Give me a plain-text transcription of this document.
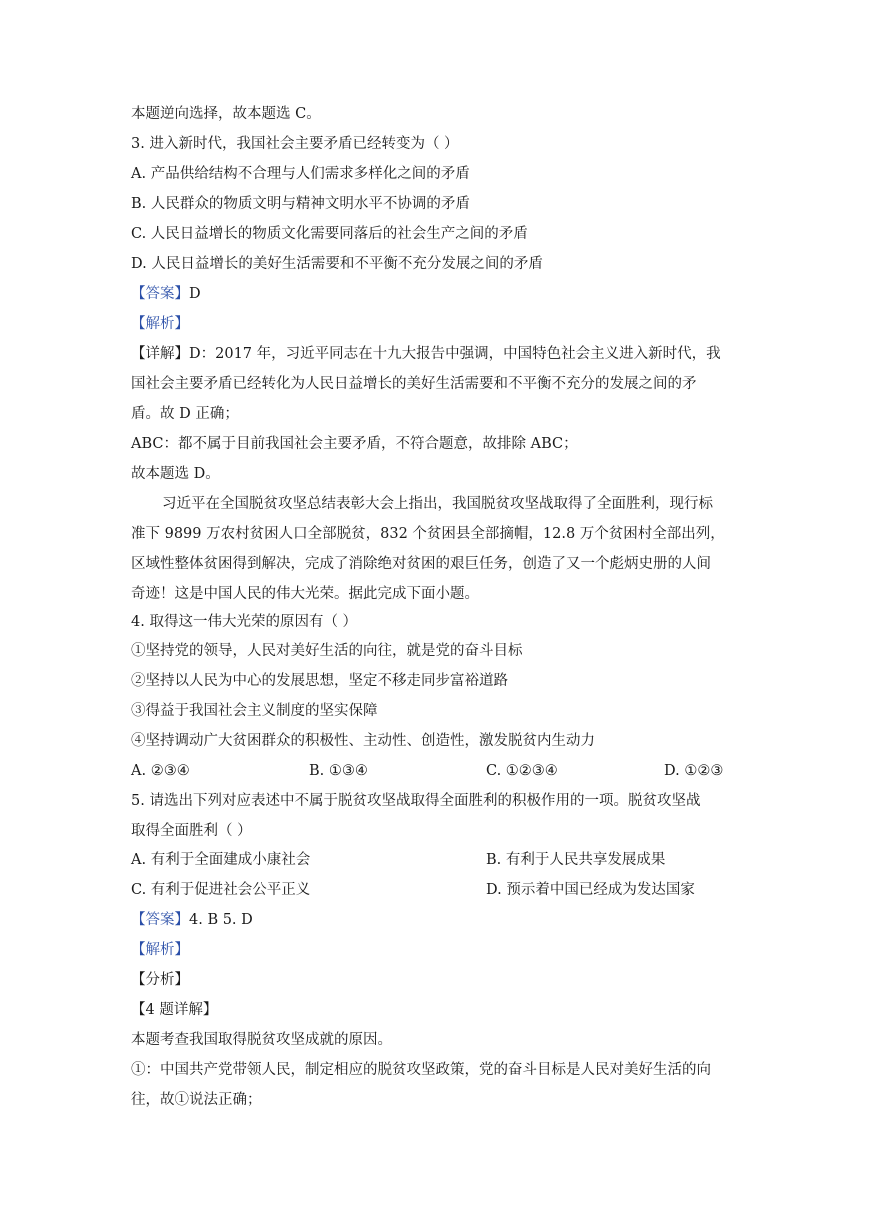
本题逆向选择，故本题选 C。
3. 进入新时代，我国社会主要矛盾已经转变为（ ）
A. 产品供给结构不合理与人们需求多样化之间的矛盾
B. 人民群众的物质文明与精神文明水平不协调的矛盾
C. 人民日益增长的物质文化需要同落后的社会生产之间的矛盾
D. 人民日益增长的美好生活需要和不平衡不充分发展之间的矛盾
【答案】D
【解析】
【详解】D：2017 年，习近平同志在十九大报告中强调，中国特色社会主义进入新时代，我
国社会主要矛盾已经转化为人民日益增长的美好生活需要和不平衡不充分的发展之间的矛
盾。故 D 正确；
ABC：都不属于目前我国社会主要矛盾，不符合题意，故排除 ABC；
故本题选 D。
习近平在全国脱贫攻坚总结表彰大会上指出，我国脱贫攻坚战取得了全面胜利，现行标
准下 9899 万农村贫困人口全部脱贫，832 个贫困县全部摘帽，12.8 万个贫困村全部出列，
区域性整体贫困得到解决，完成了消除绝对贫困的艰巨任务，创造了又一个彪炳史册的人间
奇迹！这是中国人民的伟大光荣。据此完成下面小题。
4. 取得这一伟大光荣的原因有（ ）
①坚持党的领导，人民对美好生活的向往，就是党的奋斗目标
②坚持以人民为中心的发展思想，坚定不移走同步富裕道路
③得益于我国社会主义制度的坚实保障
④坚持调动广大贫困群众的积极性、主动性、创造性，激发脱贫内生动力
A. ②③④	B. ①③④	C. ①②③④	D. ①②③
5. 请选出下列对应表述中不属于脱贫攻坚战取得全面胜利的积极作用的一项。脱贫攻坚战
取得全面胜利（ ）
A. 有利于全面建成小康社会	B. 有利于人民共享发展成果
C. 有利于促进社会公平正义	D. 预示着中国已经成为发达国家
【答案】4. B 5. D
【解析】
【分析】
【4 题详解】
本题考查我国取得脱贫攻坚成就的原因。
①：中国共产党带领人民，制定相应的脱贫攻坚政策，党的奋斗目标是人民对美好生活的向
往，故①说法正确；
